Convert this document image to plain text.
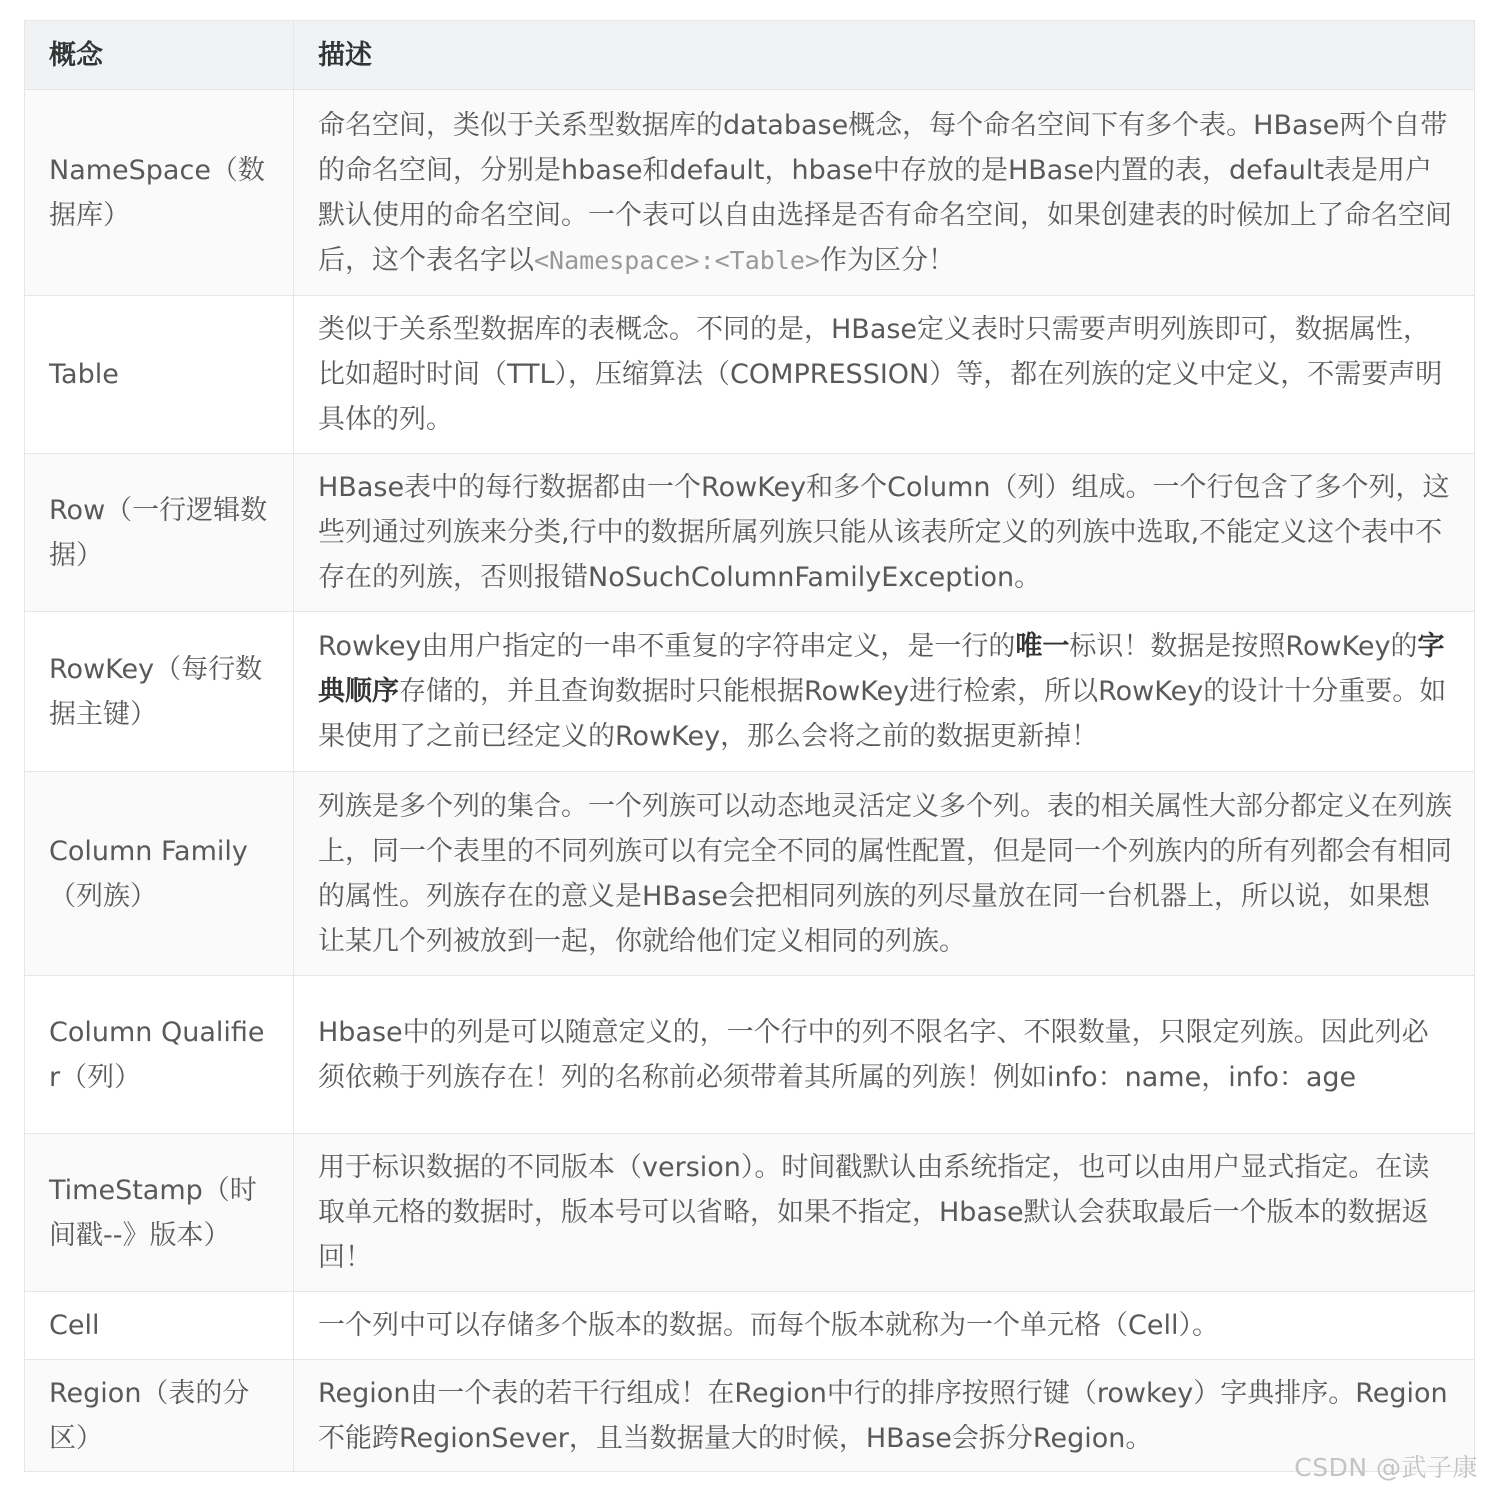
概念	描述
NameSpace（数据库）	命名空间，类似于关系型数据库的database概念，每个命名空间下有多个表。HBase两个自带的命名空间，分别是hbase和default，hbase中存放的是HBase内置的表，default表是用户默认使用的命名空间。一个表可以自由选择是否有命名空间，如果创建表的时候加上了命名空间后，这个表名字以<Namespace>:<Table>作为区分！
Table	类似于关系型数据库的表概念。不同的是，HBase定义表时只需要声明列族即可，数据属性，比如超时时间（TTL），压缩算法（COMPRESSION）等，都在列族的定义中定义，不需要声明具体的列。
Row（一行逻辑数据）	HBase表中的每行数据都由一个RowKey和多个Column（列）组成。一个行包含了多个列，这些列通过列族来分类,行中的数据所属列族只能从该表所定义的列族中选取,不能定义这个表中不存在的列族，否则报错NoSuchColumnFamilyException。
RowKey（每行数据主键）	Rowkey由用户指定的一串不重复的字符串定义，是一行的唯一标识！数据是按照RowKey的字典顺序存储的，并且查询数据时只能根据RowKey进行检索，所以RowKey的设计十分重要。如果使用了之前已经定义的RowKey，那么会将之前的数据更新掉！
Column Family（列族）	列族是多个列的集合。一个列族可以动态地灵活定义多个列。表的相关属性大部分都定义在列族上，同一个表里的不同列族可以有完全不同的属性配置，但是同一个列族内的所有列都会有相同的属性。列族存在的意义是HBase会把相同列族的列尽量放在同一台机器上，所以说，如果想让某几个列被放到一起，你就给他们定义相同的列族。
Column Qualifier（列）	Hbase中的列是可以随意定义的，一个行中的列不限名字、不限数量，只限定列族。因此列必须依赖于列族存在！列的名称前必须带着其所属的列族！例如info：name，info：age
TimeStamp（时间戳--》版本）	用于标识数据的不同版本（version）。时间戳默认由系统指定，也可以由用户显式指定。在读取单元格的数据时，版本号可以省略，如果不指定，Hbase默认会获取最后一个版本的数据返回！
Cell	一个列中可以存储多个版本的数据。而每个版本就称为一个单元格（Cell）。
Region（表的分区）	Region由一个表的若干行组成！在Region中行的排序按照行键（rowkey）字典排序。Region不能跨RegionSever，且当数据量大的时候，HBase会拆分Region。
CSDN @武子康
